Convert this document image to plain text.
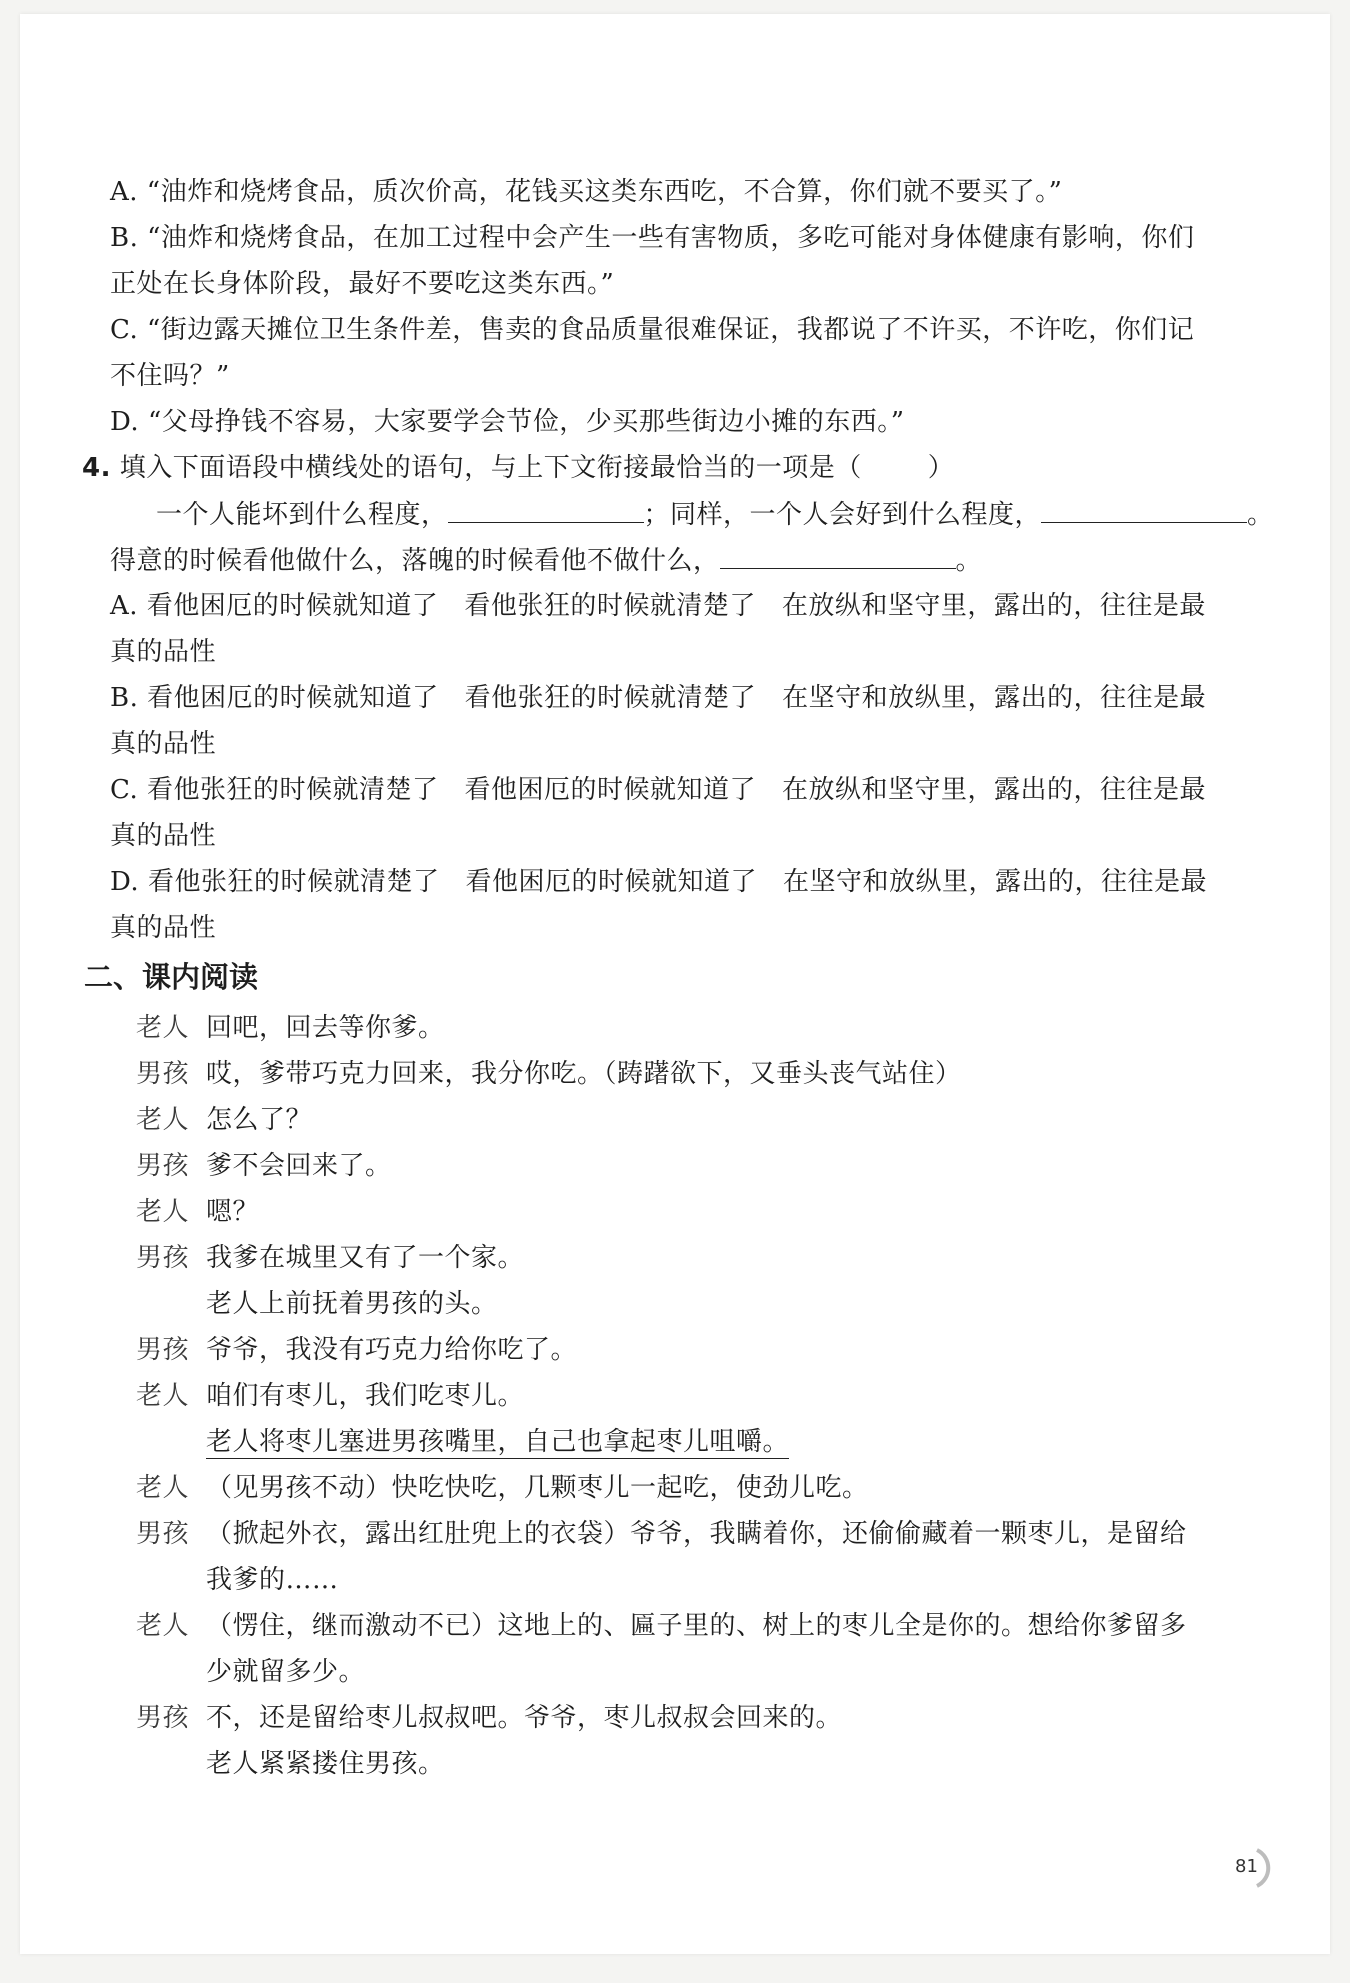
A. “油炸和烧烤食品，质次价高，花钱买这类东西吃，不合算，你们就不要买了。”
B. “油炸和烧烤食品，在加工过程中会产生一些有害物质，多吃可能对身体健康有影响，你们
正处在长身体阶段，最好不要吃这类东西。”
C. “街边露天摊位卫生条件差，售卖的食品质量很难保证，我都说了不许买，不许吃，你们记
不住吗？”
D. “父母挣钱不容易，大家要学会节俭，少买那些街边小摊的东西。”
4. 填入下面语段中横线处的语句，与上下文衔接最恰当的一项是（	）
一个人能坏到什么程度，	；同样，一个人会好到什么程度，	。
得意的时候看他做什么，落魄的时候看他不做什么，	。
A. 看他困厄的时候就知道了 看他张狂的时候就清楚了 在放纵和坚守里，露出的，往往是最
真的品性
B. 看他困厄的时候就知道了 看他张狂的时候就清楚了 在坚守和放纵里，露出的，往往是最
真的品性
C. 看他张狂的时候就清楚了 看他困厄的时候就知道了 在放纵和坚守里，露出的，往往是最
真的品性
D. 看他张狂的时候就清楚了 看他困厄的时候就知道了 在坚守和放纵里，露出的，往往是最
真的品性
二、课内阅读
老人 回吧，回去等你爹。
男孩 哎，爹带巧克力回来，我分你吃。（踌躇欲下，又垂头丧气站住）
老人 怎么了？
男孩 爹不会回来了。
老人 嗯？
男孩 我爹在城里又有了一个家。
老人上前抚着男孩的头。
男孩 爷爷，我没有巧克力给你吃了。
老人 咱们有枣儿，我们吃枣儿。
老人将枣儿塞进男孩嘴里，自己也拿起枣儿咀嚼。
老人 （见男孩不动）快吃快吃，几颗枣儿一起吃，使劲儿吃。
男孩 （掀起外衣，露出红肚兜上的衣袋）爷爷，我瞒着你，还偷偷藏着一颗枣儿，是留给
我爹的……
老人 （愣住，继而激动不已）这地上的、匾子里的、树上的枣儿全是你的。想给你爹留多
少就留多少。
男孩 不，还是留给枣儿叔叔吧。爷爷，枣儿叔叔会回来的。
老人紧紧搂住男孩。
81
